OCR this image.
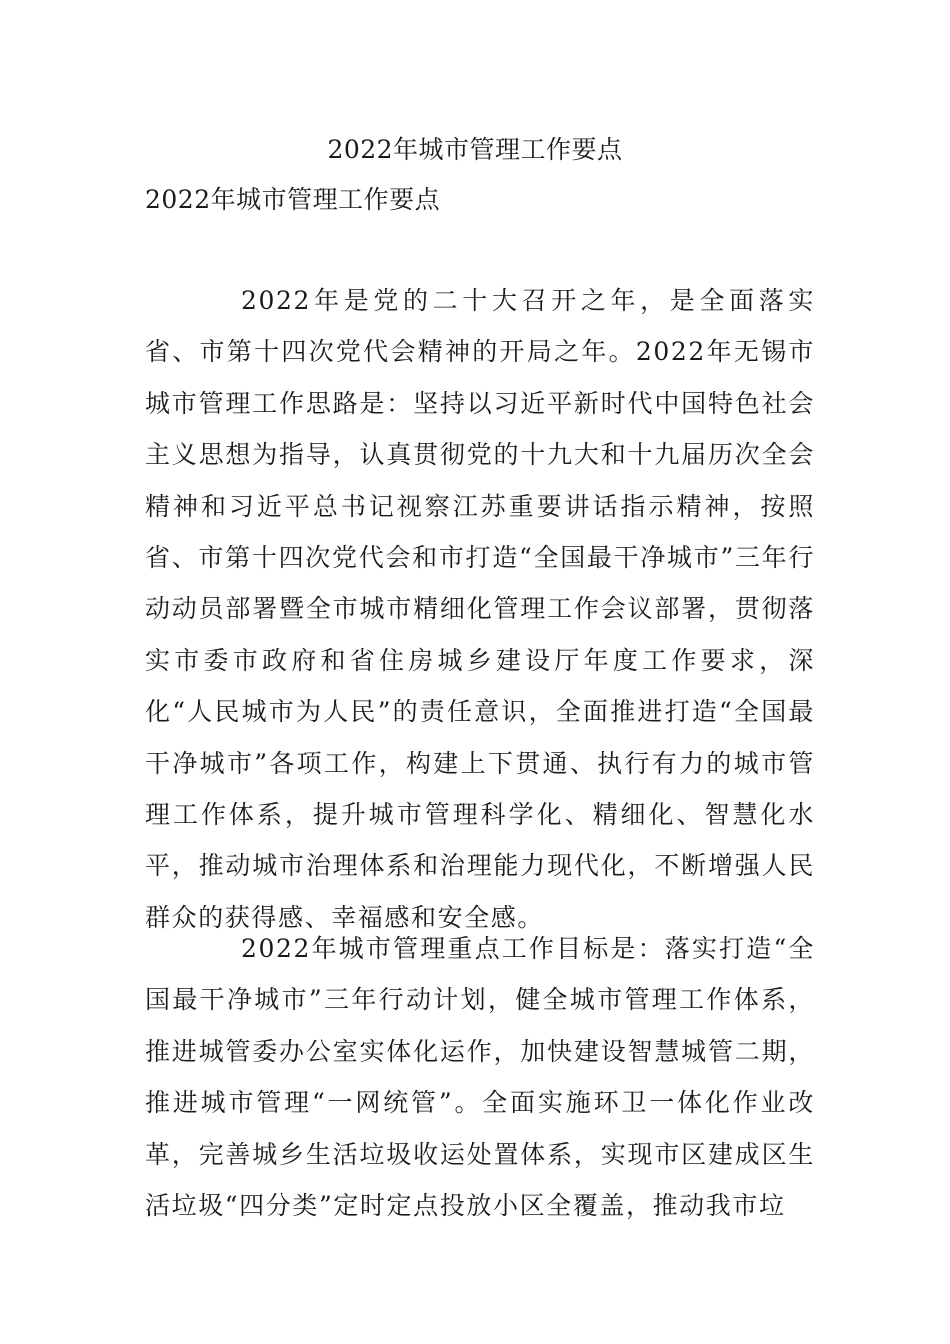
2022年城市管理工作要点
2022年城市管理工作要点

2022年是党的二十大召开之年，是全面落实省、市第十四次党代会精神的开局之年。2022年无锡市城市管理工作思路是：坚持以习近平新时代中国特色社会主义思想为指导，认真贯彻党的十九大和十九届历次全会精神和习近平总书记视察江苏重要讲话指示精神，按照省、市第十四次党代会和市打造“全国最干净城市”三年行动动员部署暨全市城市精细化管理工作会议部署，贯彻落实市委市政府和省住房城乡建设厅年度工作要求，深化“人民城市为人民”的责任意识，全面推进打造“全国最干净城市”各项工作，构建上下贯通、执行有力的城市管理工作体系，提升城市管理科学化、精细化、智慧化水平，推动城市治理体系和治理能力现代化，不断增强人民群众的获得感、幸福感和安全感。

2022年城市管理重点工作目标是：落实打造“全国最干净城市”三年行动计划，健全城市管理工作体系，推进城管委办公室实体化运作，加快建设智慧城管二期，推进城市管理“一网统管”。全面实施环卫一体化作业改革，完善城乡生活垃圾收运处置体系，实现市区建成区生活垃圾“四分类”定时定点投放小区全覆盖，推动我市垃
